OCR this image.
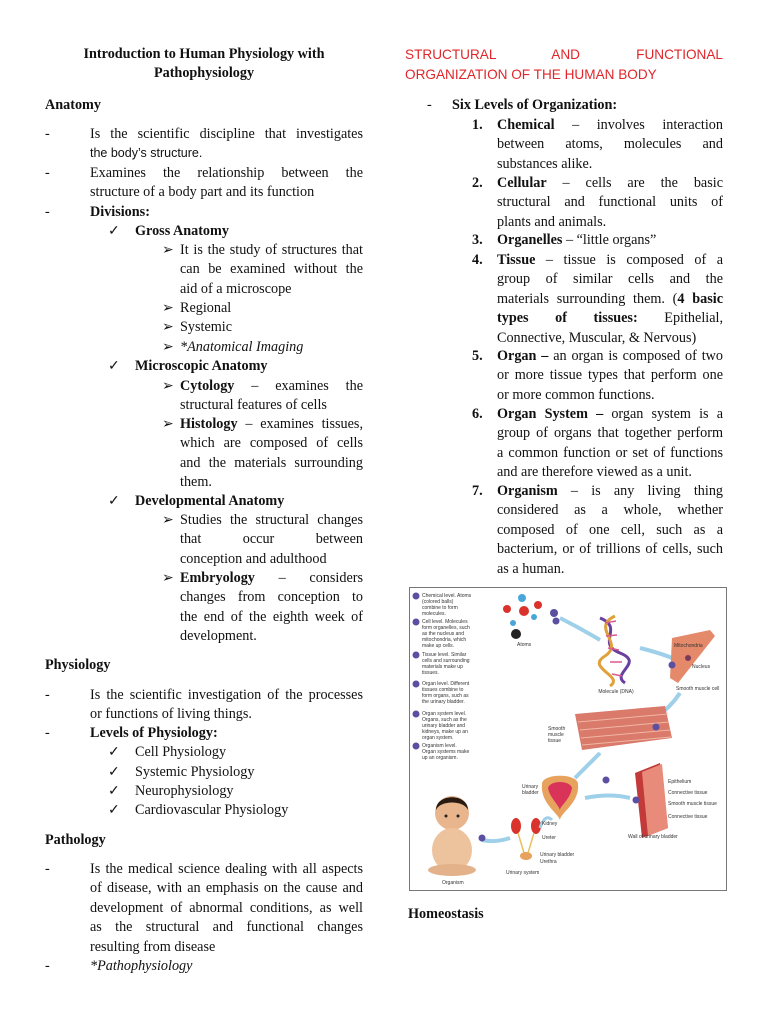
Introduction to Human Physiology with
Pathophysiology
Anatomy
-	Is the scientific discipline that investigates
the body’s structure.
-	Examines the relationship between the
structure of a body part and its function
-	Divisions:
✓ Gross Anatomy
➢ It is the study of structures that
can be examined without the
aid of a microscope
➢ Regional
➢ Systemic
➢ *Anatomical Imaging
✓ Microscopic Anatomy
➢ Cytology – examines the
structural features of cells
➢ Histology – examines tissues,
which are composed of cells
and the materials surrounding
them.
✓ Developmental Anatomy
➢ Studies the structural changes
that occur between
conception and adulthood
➢ Embryology – considers
changes from conception to
the end of the eighth week of
development.
Physiology
-	Is the scientific investigation of the processes
or functions of living things.
-	Levels of Physiology:
✓ Cell Physiology
✓ Systemic Physiology
✓ Neurophysiology
✓ Cardiovascular Physiology
Pathology
-	Is the medical science dealing with all aspects
of disease, with an emphasis on the cause and
development of abnormal conditions, as well
as the structural and functional changes
resulting from disease
-	*Pathophysiology
STRUCTURAL AND FUNCTIONAL
ORGANIZATION OF THE HUMAN BODY
- Six Levels of Organization:
1. Chemical – involves interaction
between atoms, molecules and
substances alike.
2. Cellular – cells are the basic
structural and functional units of
plants and animals.
3. Organelles – “little organs”
4. Tissue – tissue is composed of a
group of similar cells and the
materials surrounding them. (4 basic
types of tissues: Epithelial,
Connective, Muscular, & Nervous)
5. Organ – an organ is composed of two
or more tissue types that perform one
or more common functions.
6. Organ System – organ system is a
group of organs that together perform
a common function or set of functions
and are therefore viewed as a unit.
7. Organism – is any living thing
considered as a whole, whether
composed of one cell, such as a
bacterium, or of trillions of cells, such
as a human.
Chemical level. Atoms (colored balls) combine to form molecules.
Cell level. Molecules form organelles, such as the nucleus and mitochondria, which make up cells.
Tissue level. Similar cells and surrounding materials make up tissues.
Organ level. Different tissues combine to form organs, such as the urinary bladder.
Organ system level. Organs, such as the urinary bladder and kidneys, make up an organ system.
Organism level. Organ systems make up an organism.
Atoms
Molecule (DNA)
Mitochondria
Nucleus
Smooth muscle cell
Smooth muscle tissue
Urinary bladder
Epithelium
Connective tissue
Smooth muscle tissue
Connective tissue
Wall of urinary bladder
Kidney
Ureter
Urinary bladder
Urethra
Urinary system
Organism
Homeostasis
